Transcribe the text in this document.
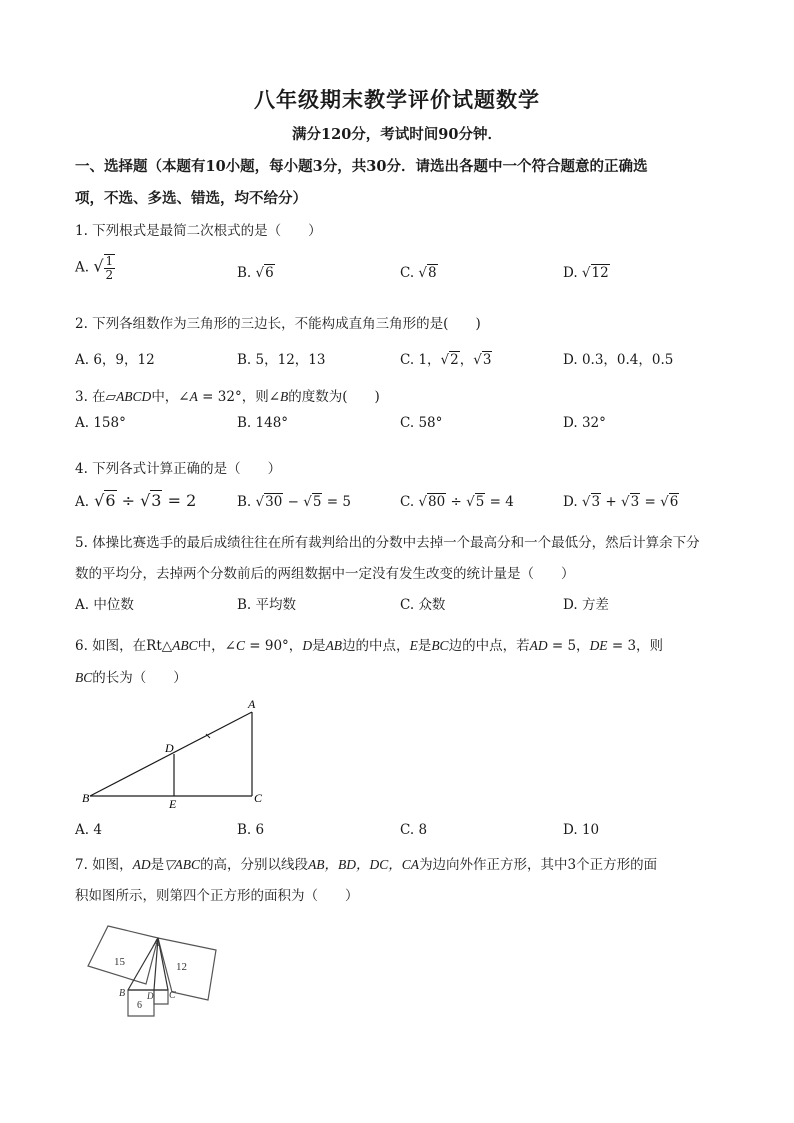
八年级期末教学评价试题数学
满分120分，考试时间90分钟．
一、选择题（本题有10小题，每小题3分，共30分．请选出各题中一个符合题意的正确选
项，不选、多选、错选，均不给分）
1. 下列根式是最简二次根式的是（　　）
A. √ $\frac{1}{2}$	B. √6	C. √8	D. √12
2. 下列各组数作为三角形的三边长，不能构成直角三角形的是(　　)
A. 6，9，12	B. 5，12，13	C. 1，√2，√3	D. 0.3，0.4，0.5
3. 在▱ABCD中，∠A = 32°，则∠B的度数为(　　)
A. 158°	B. 148°	C. 58°	D. 32°
4. 下列各式计算正确的是（　　）
A. √6 ÷ √3 = 2	B. √30 − √5 = 5	C. √80 ÷ √5 = 4	D. √3 + √3 = √6
5. 体操比赛选手的最后成绩往往在所有裁判给出的分数中去掉一个最高分和一个最低分，然后计算余下分
数的平均分，去掉两个分数前后的两组数据中一定没有发生改变的统计量是（　　）
A. 中位数	B. 平均数	C. 众数	D. 方差
6. 如图，在Rt△ABC中，∠C = 90°，D是AB边的中点，E是BC边的中点，若AD = 5，DE = 3，则
BC的长为（　　）
A
B	C
D
E
A. 4	B. 6	C. 8	D. 10
7. 如图，AD是▽ABC的高，分别以线段AB，BD，DC，CA为边向外作正方形，其中3个正方形的面
积如图所示，则第四个正方形的面积为（　　）
15	12
6
A
B	C
D
